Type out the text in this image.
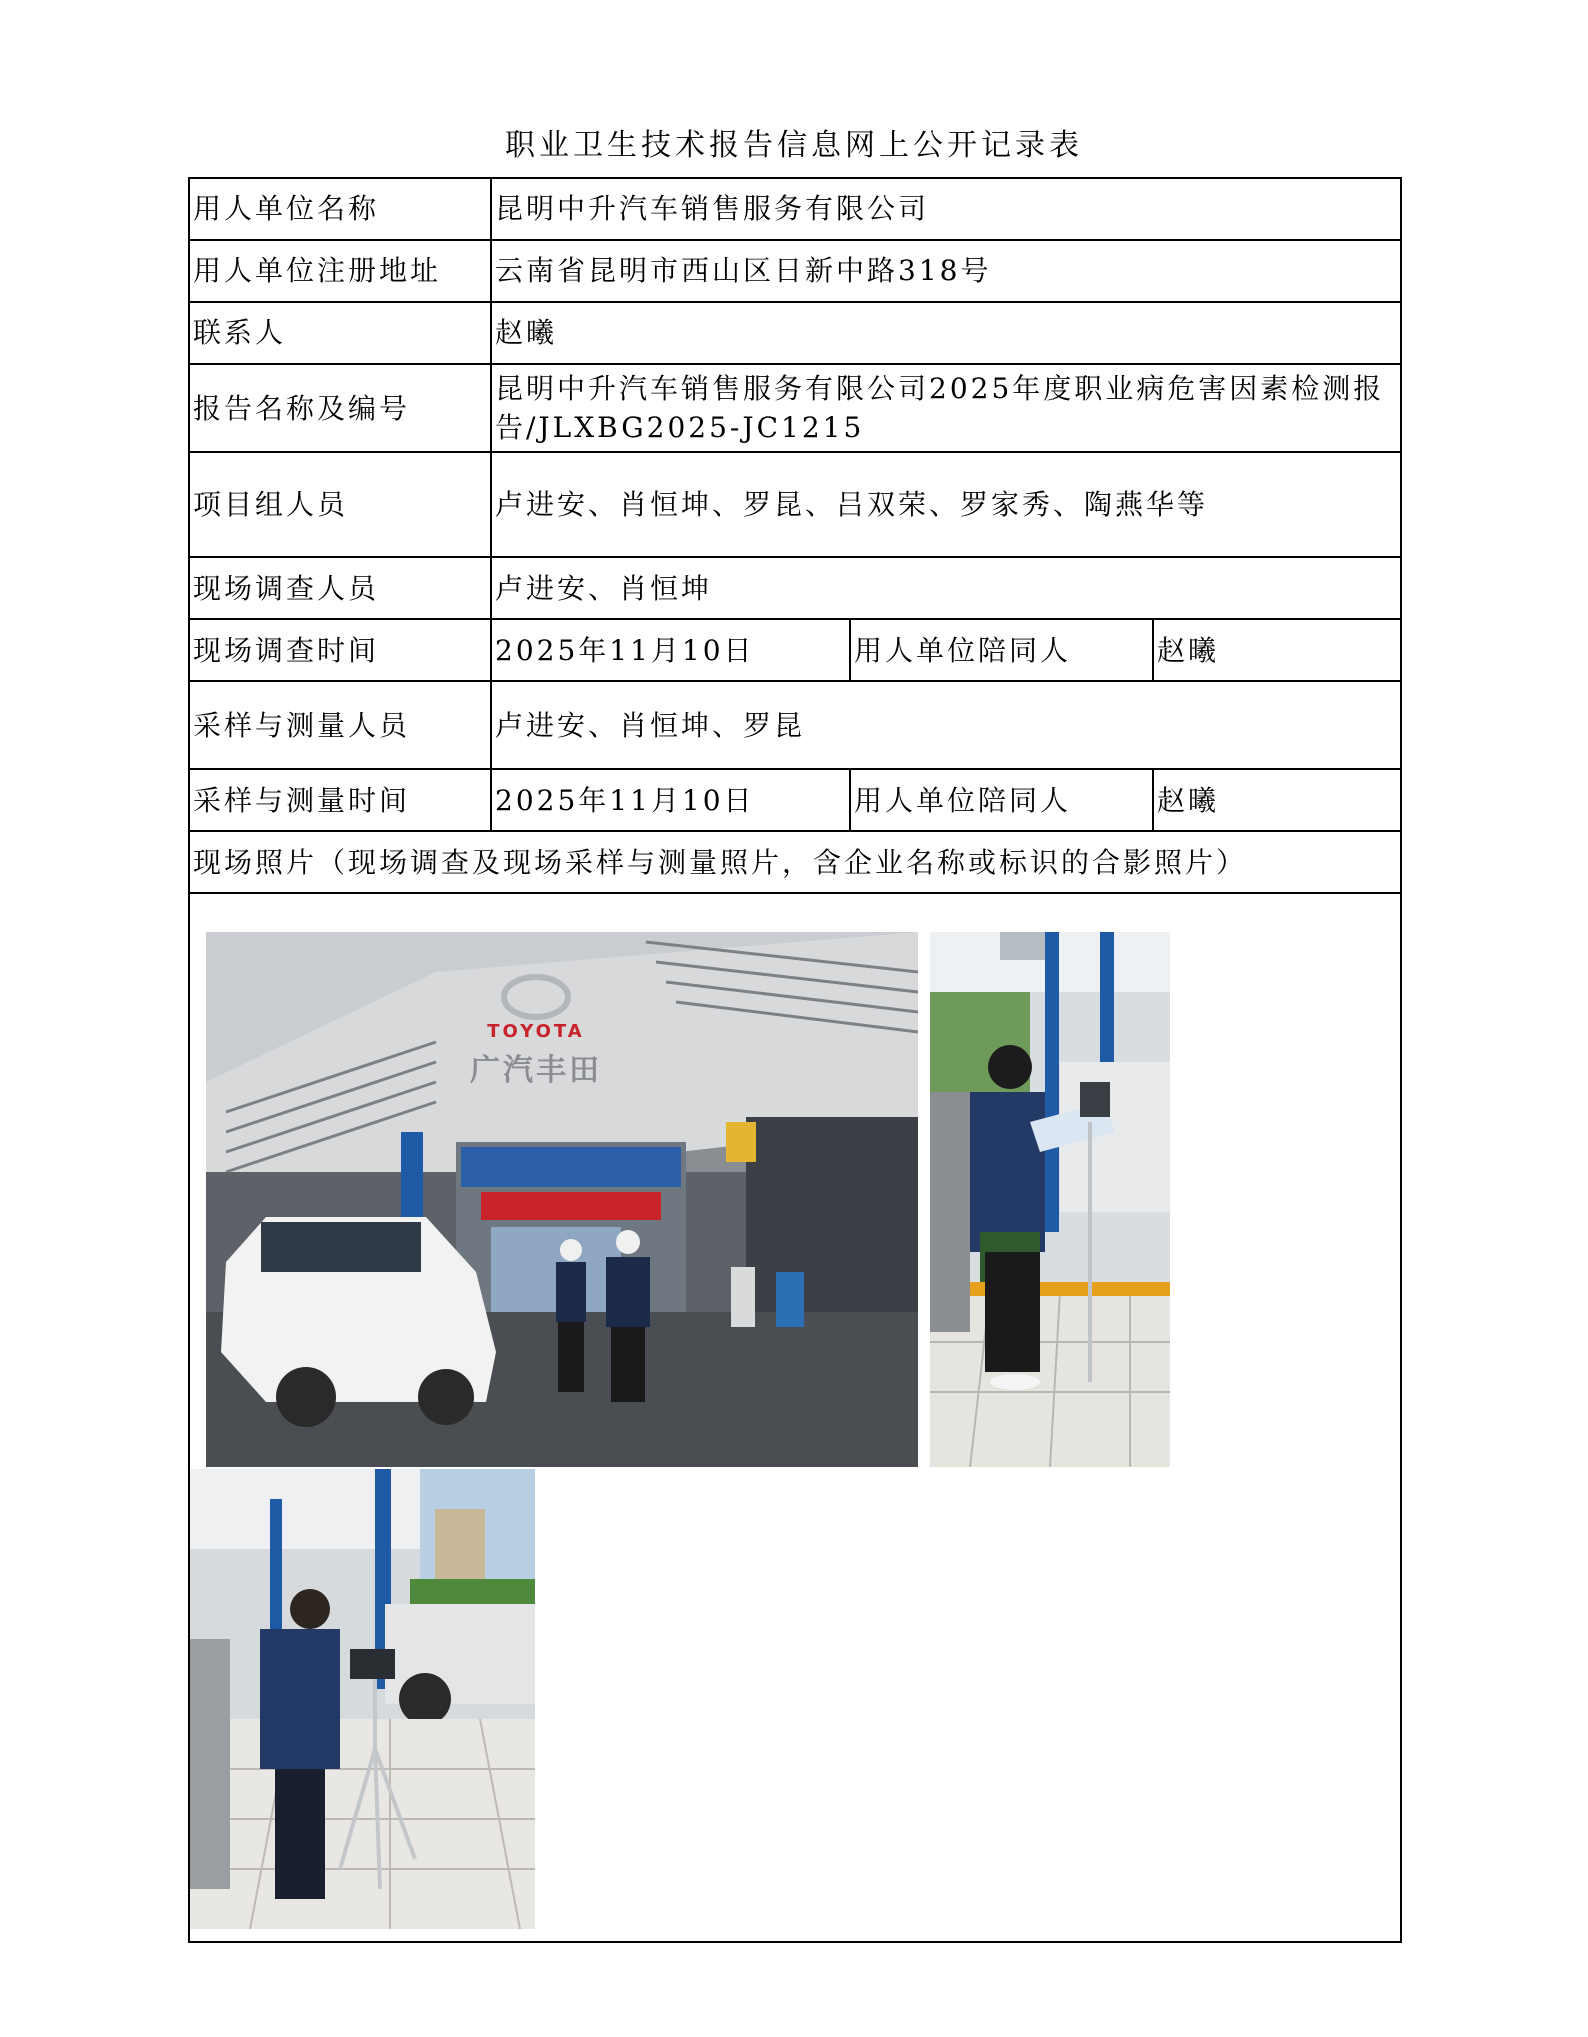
职业卫生技术报告信息网上公开记录表
用人单位名称	昆明中升汽车销售服务有限公司		
用人单位注册地址	云南省昆明市西山区日新中路318号		
联系人	赵曦		
报告名称及编号	昆明中升汽车销售服务有限公司2025年度职业病危害因素检测报告/JLXBG2025-JC1215		
项目组人员	卢进安、肖恒坤、罗昆、吕双荣、罗家秀、陶燕华等		
现场调查人员	卢进安、肖恒坤		
现场调查时间	2025年11月10日	用人单位陪同人	赵曦
采样与测量人员	卢进安、肖恒坤、罗昆		
采样与测量时间	2025年11月10日	用人单位陪同人	赵曦
现场照片（现场调查及现场采样与测量照片，含企业名称或标识的合影照片）			

TOYOTA
广汽丰田			
